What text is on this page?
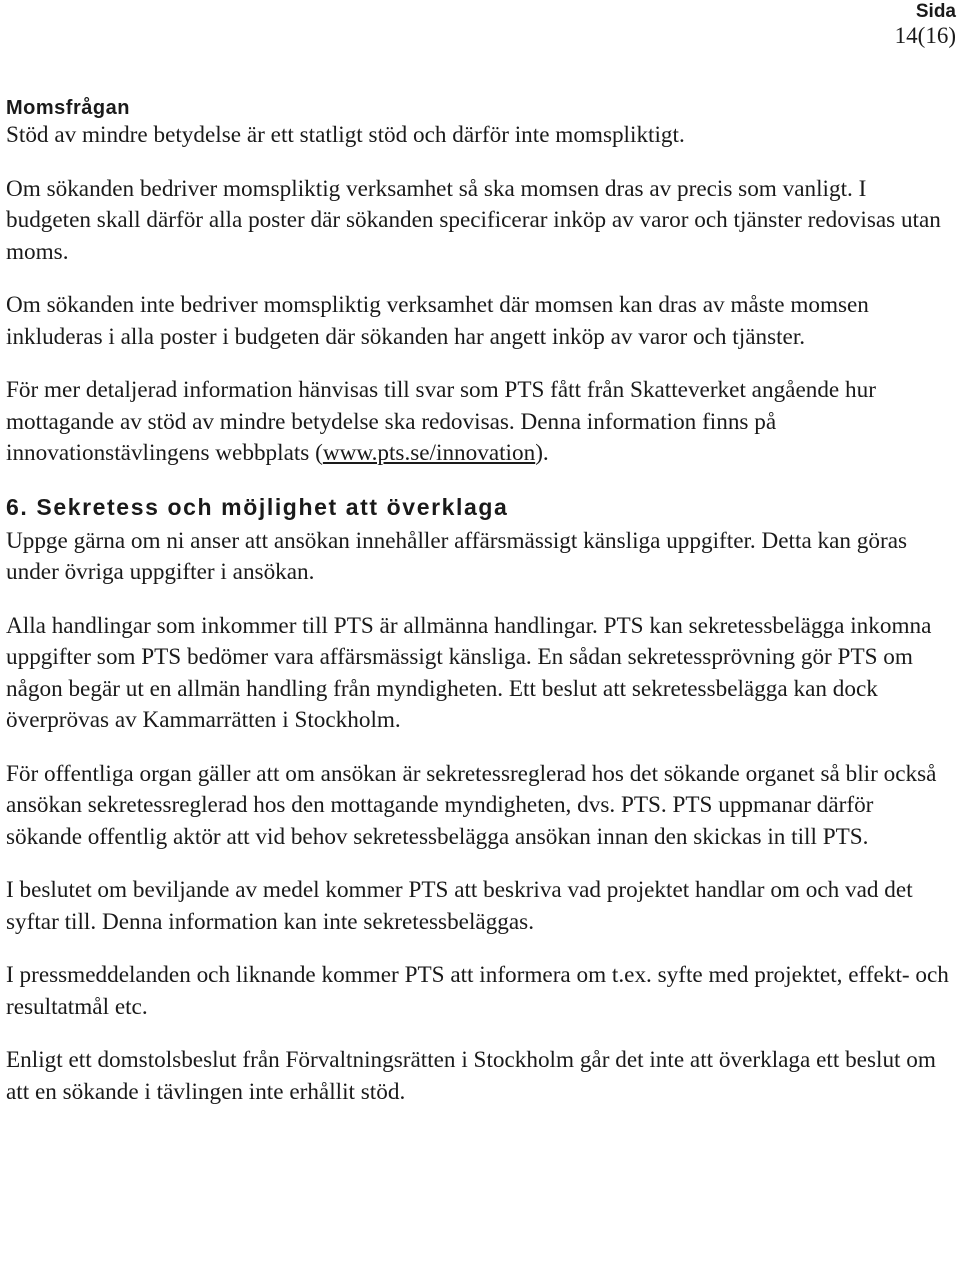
Sida
14(16)
Momsfrågan

Stöd av mindre betydelse är ett statligt stöd och därför inte momspliktigt.

Om sökanden bedriver momspliktig verksamhet så ska momsen dras av precis som vanligt. I budgeten skall därför alla poster där sökanden specificerar inköp av varor och tjänster redovisas utan moms.

Om sökanden inte bedriver momspliktig verksamhet där momsen kan dras av måste momsen inkluderas i alla poster i budgeten där sökanden har angett inköp av varor och tjänster.

För mer detaljerad information hänvisas till svar som PTS fått från Skatteverket angående hur mottagande av stöd av mindre betydelse ska redovisas. Denna information finns på innovationstävlingens webbplats (www.pts.se/innovation).

6. Sekretess och möjlighet att överklaga

Uppge gärna om ni anser att ansökan innehåller affärsmässigt känsliga uppgifter. Detta kan göras under övriga uppgifter i ansökan.

Alla handlingar som inkommer till PTS är allmänna handlingar. PTS kan sekretessbelägga inkomna uppgifter som PTS bedömer vara affärsmässigt känsliga. En sådan sekretessprövning gör PTS om någon begär ut en allmän handling från myndigheten. Ett beslut att sekretessbelägga kan dock överprövas av Kammarrätten i Stockholm.

För offentliga organ gäller att om ansökan är sekretessreglerad hos det sökande organet så blir också ansökan sekretessreglerad hos den mottagande myndigheten, dvs. PTS. PTS uppmanar därför sökande offentlig aktör att vid behov sekretessbelägga ansökan innan den skickas in till PTS.

I beslutet om beviljande av medel kommer PTS att beskriva vad projektet handlar om och vad det syftar till. Denna information kan inte sekretessbeläggas.

I pressmeddelanden och liknande kommer PTS att informera om t.ex. syfte med projektet, effekt- och resultatmål etc.

Enligt ett domstolsbeslut från Förvaltningsrätten i Stockholm går det inte att överklaga ett beslut om att en sökande i tävlingen inte erhållit stöd.
